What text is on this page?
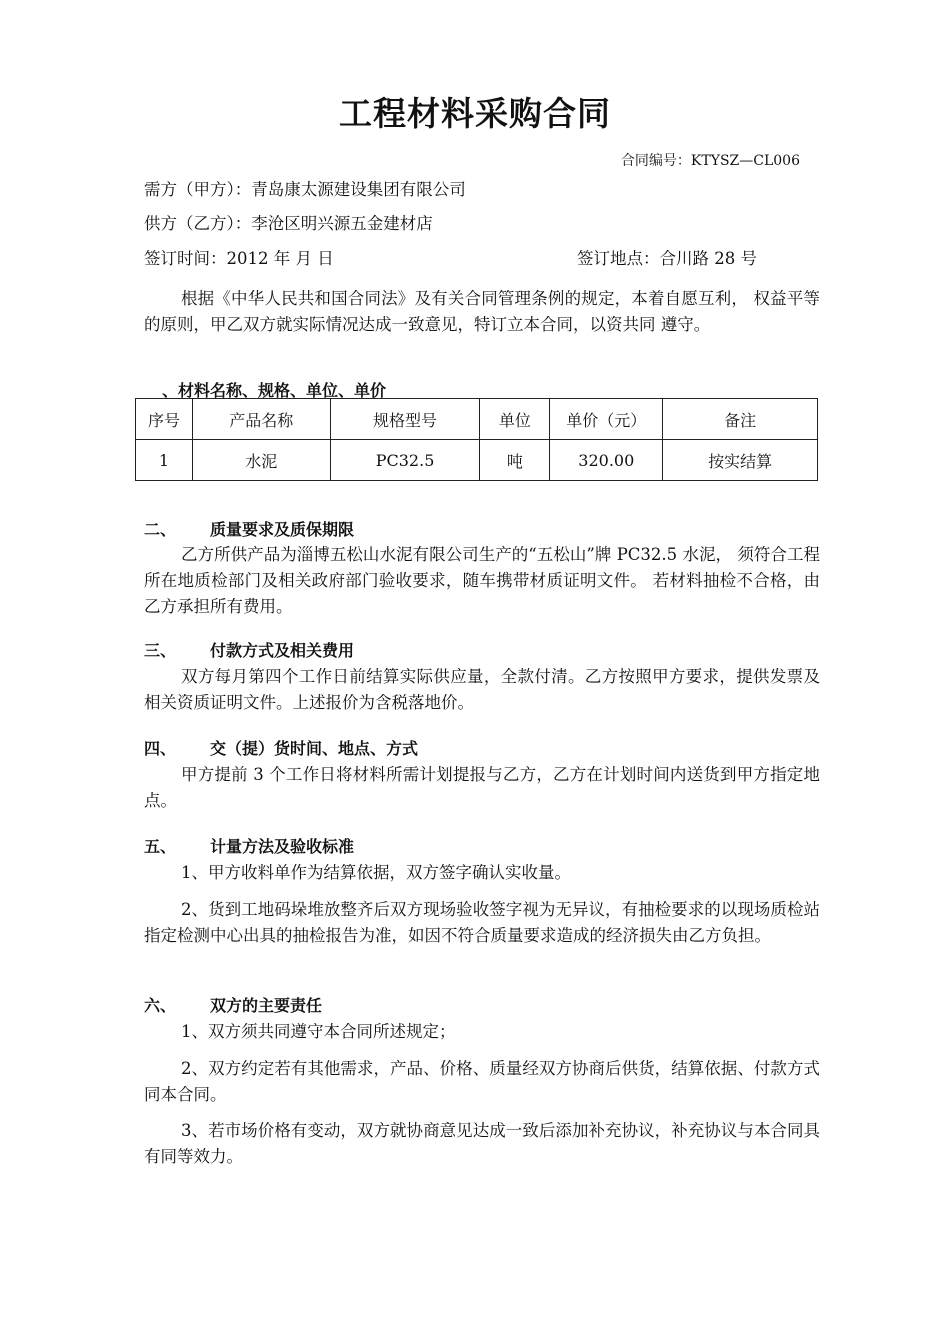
工程材料采购合同
合同编号：KTYSZ—CL006
需方（甲方）：青岛康太源建设集团有限公司
供方（乙方）：李沧区明兴源五金建材店
签订时间：2012 年 月 日	签订地点：合川路 28 号
根据《中华人民共和国合同法》及有关合同管理条例的规定，本着自愿互利， 权益平等的原则，甲乙双方就实际情况达成一致意见，特订立本合同，以资共同 遵守。
、材料名称、规格、单位、单价
序号	产品名称	规格型号	单位	单价（元）	备注
1	水泥	PC32.5	吨	320.00	按实结算
二、 质量要求及质保期限
乙方所供产品为淄博五松山水泥有限公司生产的“五松山”牌 PC32.5 水泥， 须符合工程所在地质检部门及相关政府部门验收要求，随车携带材质证明文件。 若材料抽检不合格，由乙方承担所有费用。
三、 付款方式及相关费用
双方每月第四个工作日前结算实际供应量，全款付清。乙方按照甲方要求，提供发票及相关资质证明文件。上述报价为含税落地价。
四、 交（提）货时间、地点、方式
甲方提前 3 个工作日将材料所需计划提报与乙方，乙方在计划时间内送货到甲方指定地点。
五、 计量方法及验收标准
1、甲方收料单作为结算依据，双方签字确认实收量。
2、货到工地码垛堆放整齐后双方现场验收签字视为无异议，有抽检要求的以现场质检站指定检测中心出具的抽检报告为准，如因不符合质量要求造成的经济损失由乙方负担。
六、 双方的主要责任
1、双方须共同遵守本合同所述规定；
2、双方约定若有其他需求，产品、价格、质量经双方协商后供货，结算依据、付款方式同本合同。
3、若市场价格有变动，双方就协商意见达成一致后添加补充协议，补充协议与本合同具有同等效力。
